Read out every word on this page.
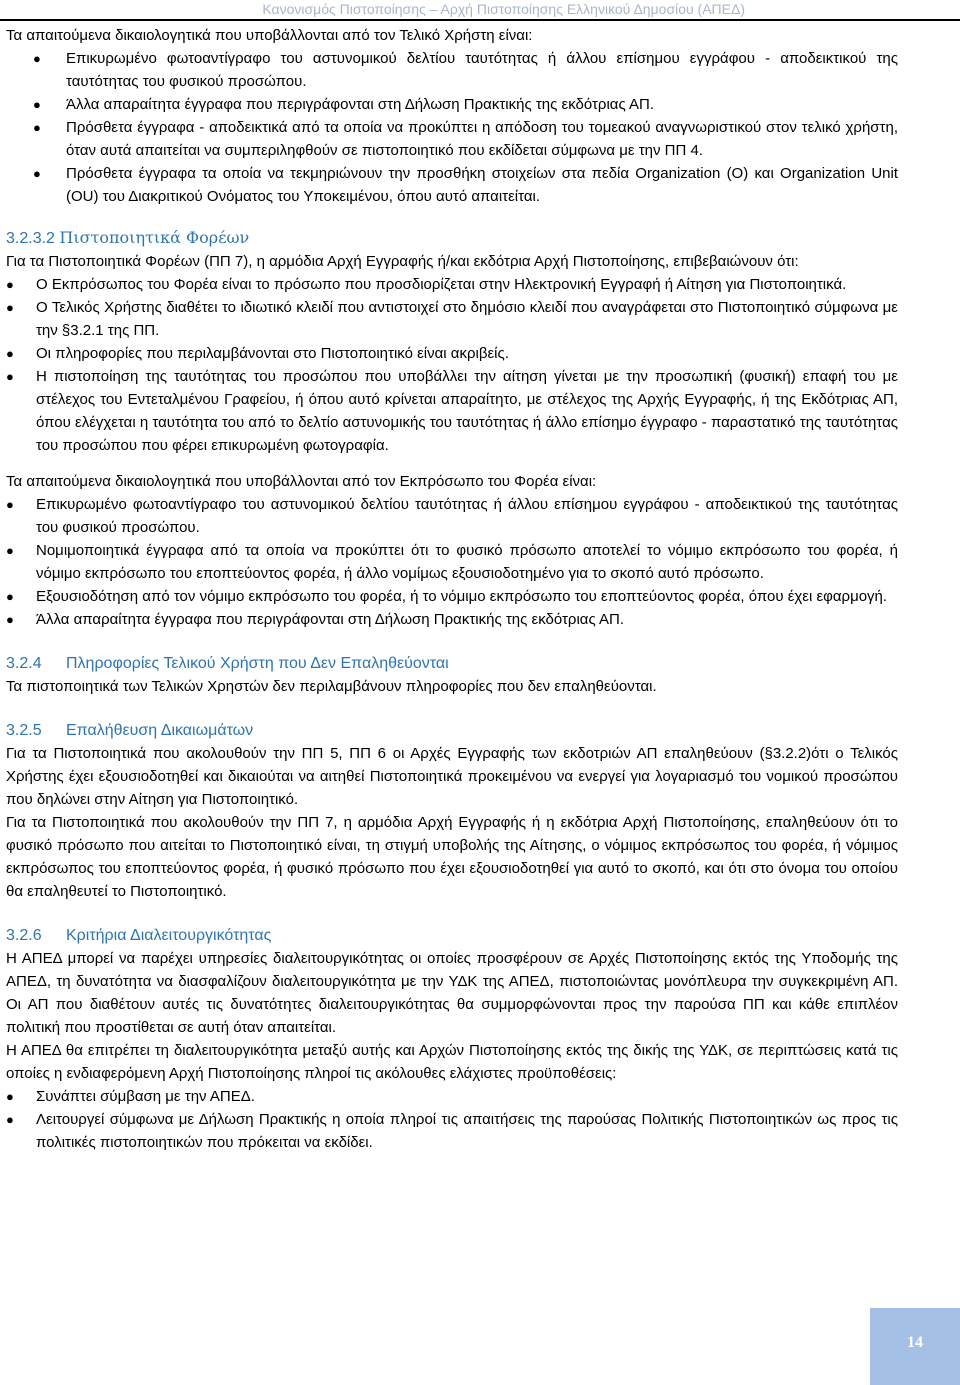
Κανονισμός Πιστοποίησης – Αρχή Πιστοποίησης Ελληνικού Δημοσίου (ΑΠΕΔ)

Τα απαιτούμενα δικαιολογητικά που υποβάλλονται από τον Τελικό Χρήστη είναι:

● Επικυρωμένο φωτοαντίγραφο του αστυνομικού δελτίου ταυτότητας ή άλλου επίσημου εγγράφου - αποδεικτικού της ταυτότητας του φυσικού προσώπου.
● Άλλα απαραίτητα έγγραφα που περιγράφονται στη Δήλωση Πρακτικής της εκδότριας ΑΠ.
● Πρόσθετα έγγραφα - αποδεικτικά από τα οποία να προκύπτει η απόδοση του τομεακού αναγνωριστικού στον τελικό χρήστη, όταν αυτά απαιτείται να συμπεριληφθούν σε πιστοποιητικό που εκδίδεται σύμφωνα με την ΠΠ 4.
● Πρόσθετα έγγραφα τα οποία να τεκμηριώνουν την προσθήκη στοιχείων στα πεδία Organization (O) και Organization Unit (OU) του Διακριτικού Ονόματος του Υποκειμένου, όπου αυτό απαιτείται.
3.2.3.2 Πιστοποιητικά Φορέων

Για τα Πιστοποιητικά Φορέων (ΠΠ 7), η αρμόδια Αρχή Εγγραφής ή/και εκδότρια Αρχή Πιστοποίησης, επιβεβαιώνουν ότι:

● Ο Εκπρόσωπος του Φορέα είναι το πρόσωπο που προσδιορίζεται στην Ηλεκτρονική Εγγραφή ή Αίτηση για Πιστοποιητικά.
● Ο Τελικός Χρήστης διαθέτει το ιδιωτικό κλειδί που αντιστοιχεί στο δημόσιο κλειδί που αναγράφεται στο Πιστοποιητικό σύμφωνα με την §3.2.1 της ΠΠ.
● Οι πληροφορίες που περιλαμβάνονται στο Πιστοποιητικό είναι ακριβείς.
● Η πιστοποίηση της ταυτότητας του προσώπου που υποβάλλει την αίτηση γίνεται με την προσωπική (φυσική) επαφή του με στέλεχος του Εντεταλμένου Γραφείου, ή όπου αυτό κρίνεται απαραίτητο, με στέλεχος της Αρχής Εγγραφής, ή της Εκδότριας ΑΠ, όπου ελέγχεται η ταυτότητα του από το δελτίο αστυνομικής του ταυτότητας ή άλλο επίσημο έγγραφο - παραστατικό της ταυτότητας του προσώπου που φέρει επικυρωμένη φωτογραφία.

Τα απαιτούμενα δικαιολογητικά που υποβάλλονται από τον Εκπρόσωπο του Φορέα είναι:

● Επικυρωμένο φωτοαντίγραφο του αστυνομικού δελτίου ταυτότητας ή άλλου επίσημου εγγράφου - αποδεικτικού της ταυτότητας του φυσικού προσώπου.
● Νομιμοποιητικά έγγραφα από τα οποία να προκύπτει ότι το φυσικό πρόσωπο αποτελεί το νόμιμο εκπρόσωπο του φορέα, ή νόμιμο εκπρόσωπο του εποπτεύοντος φορέα, ή άλλο νομίμως εξουσιοδοτημένο για το σκοπό αυτό πρόσωπο.
● Εξουσιοδότηση από τον νόμιμο εκπρόσωπο του φορέα, ή το νόμιμο εκπρόσωπο του εποπτεύοντος φορέα, όπου έχει εφαρμογή.
● Άλλα απαραίτητα έγγραφα που περιγράφονται στη Δήλωση Πρακτικής της εκδότριας ΑΠ.
3.2.4 Πληροφορίες Τελικού Χρήστη που Δεν Επαληθεύονται

Τα πιστοποιητικά των Τελικών Χρηστών δεν περιλαμβάνουν πληροφορίες που δεν επαληθεύονται.

3.2.5 Επαλήθευση Δικαιωμάτων

Για τα Πιστοποιητικά που ακολουθούν την ΠΠ 5, ΠΠ 6 οι Αρχές Εγγραφής των εκδοτριών ΑΠ επαληθεύουν (§3.2.2)ότι ο Τελικός Χρήστης έχει εξουσιοδοτηθεί και δικαιούται να αιτηθεί Πιστοποιητικά προκειμένου να ενεργεί για λογαριασμό του νομικού προσώπου που δηλώνει στην Αίτηση για Πιστοποιητικό.

Για τα Πιστοποιητικά που ακολουθούν την ΠΠ 7, η αρμόδια Αρχή Εγγραφής ή η εκδότρια Αρχή Πιστοποίησης, επαληθεύουν ότι το φυσικό πρόσωπο που αιτείται το Πιστοποιητικό είναι, τη στιγμή υποβολής της Αίτησης, ο νόμιμος εκπρόσωπος του φορέα, ή νόμιμος εκπρόσωπος του εποπτεύοντος φορέα, ή φυσικό πρόσωπο που έχει εξουσιοδοτηθεί για αυτό το σκοπό, και ότι στο όνομα του οποίου θα επαληθευτεί το Πιστοποιητικό.

3.2.6 Κριτήρια Διαλειτουργικότητας

Η ΑΠΕΔ μπορεί να παρέχει υπηρεσίες διαλειτουργικότητας οι οποίες προσφέρουν σε Αρχές Πιστοποίησης εκτός της Υποδομής της ΑΠΕΔ, τη δυνατότητα να διασφαλίζουν διαλειτουργικότητα με την ΥΔΚ της ΑΠΕΔ, πιστοποιώντας μονόπλευρα την συγκεκριμένη ΑΠ. Οι ΑΠ που διαθέτουν αυτές τις δυνατότητες διαλειτουργικότητας θα συμμορφώνονται προς την παρούσα ΠΠ και κάθε επιπλέον πολιτική που προστίθεται σε αυτή όταν απαιτείται.

Η ΑΠΕΔ θα επιτρέπει τη διαλειτουργικότητα μεταξύ αυτής και Αρχών Πιστοποίησης εκτός της δικής της ΥΔΚ, σε περιπτώσεις κατά τις οποίες η ενδιαφερόμενη Αρχή Πιστοποίησης πληροί τις ακόλουθες ελάχιστες προϋποθέσεις:

● Συνάπτει σύμβαση με την ΑΠΕΔ.
● Λειτουργεί σύμφωνα με Δήλωση Πρακτικής η οποία πληροί τις απαιτήσεις της παρούσας Πολιτικής Πιστοποιητικών ως προς τις πολιτικές πιστοποιητικών που πρόκειται να εκδίδει.
14
